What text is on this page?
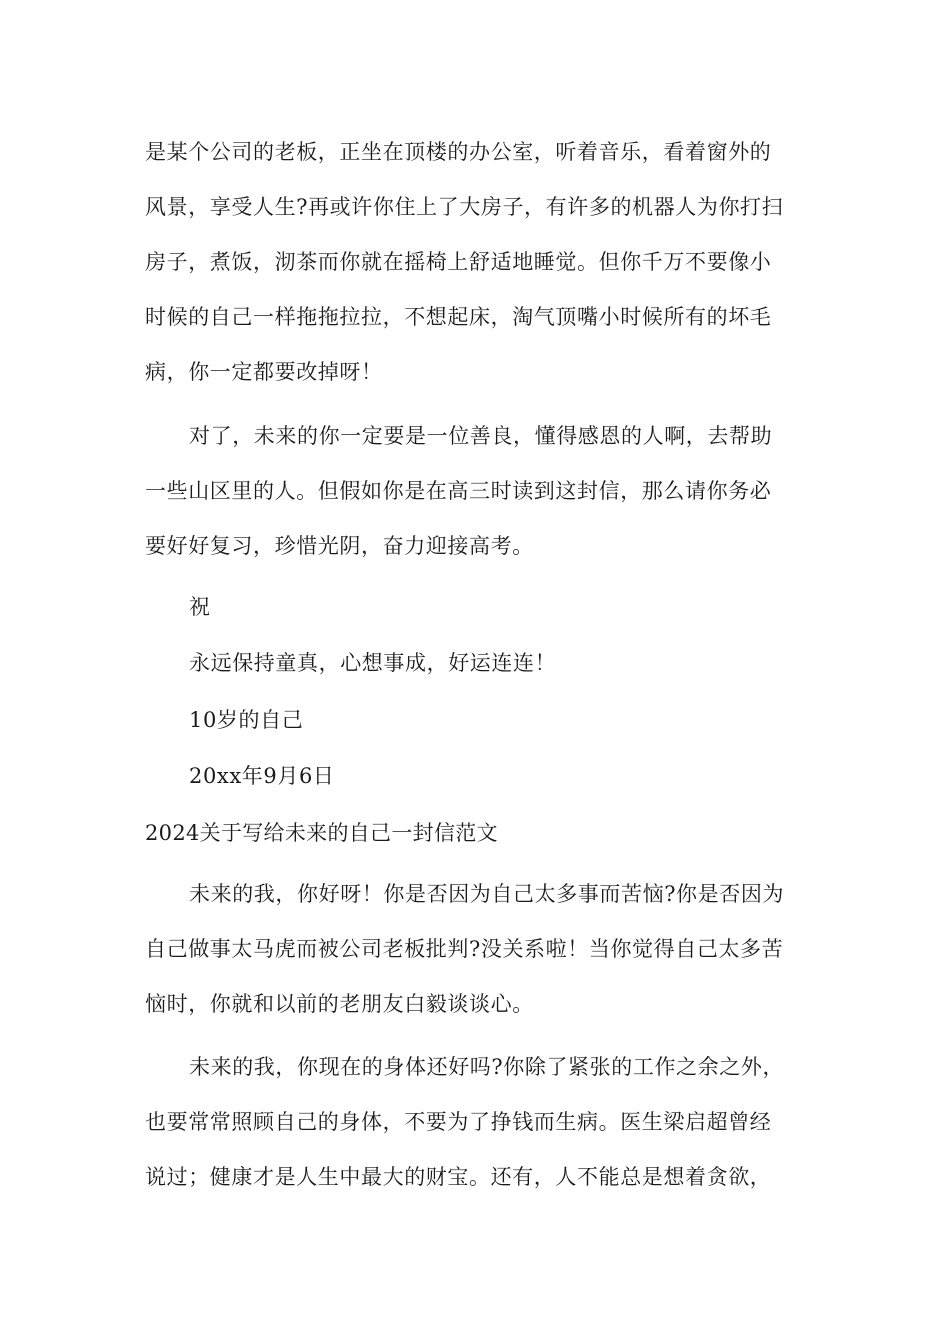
是某个公司的老板，正坐在顶楼的办公室，听着音乐，看着窗外的
风景，享受人生?再或许你住上了大房子，有许多的机器人为你打扫
房子，煮饭，沏茶而你就在摇椅上舒适地睡觉。但你千万不要像小
时候的自己一样拖拖拉拉，不想起床，淘气顶嘴小时候所有的坏毛
病，你一定都要改掉呀！
对了，未来的你一定要是一位善良，懂得感恩的人啊，去帮助
一些山区里的人。但假如你是在高三时读到这封信，那么请你务必
要好好复习，珍惜光阴，奋力迎接高考。
祝
永远保持童真，心想事成，好运连连！
10岁的自己
20xx年9月6日
2024关于写给未来的自己一封信范文
未来的我，你好呀！你是否因为自己太多事而苦恼?你是否因为
自己做事太马虎而被公司老板批判?没关系啦！当你觉得自己太多苦
恼时，你就和以前的老朋友白毅谈谈心。
未来的我，你现在的身体还好吗?你除了紧张的工作之余之外，
也要常常照顾自己的身体，不要为了挣钱而生病。医生梁启超曾经
说过；健康才是人生中最大的财宝。还有，人不能总是想着贪欲，
